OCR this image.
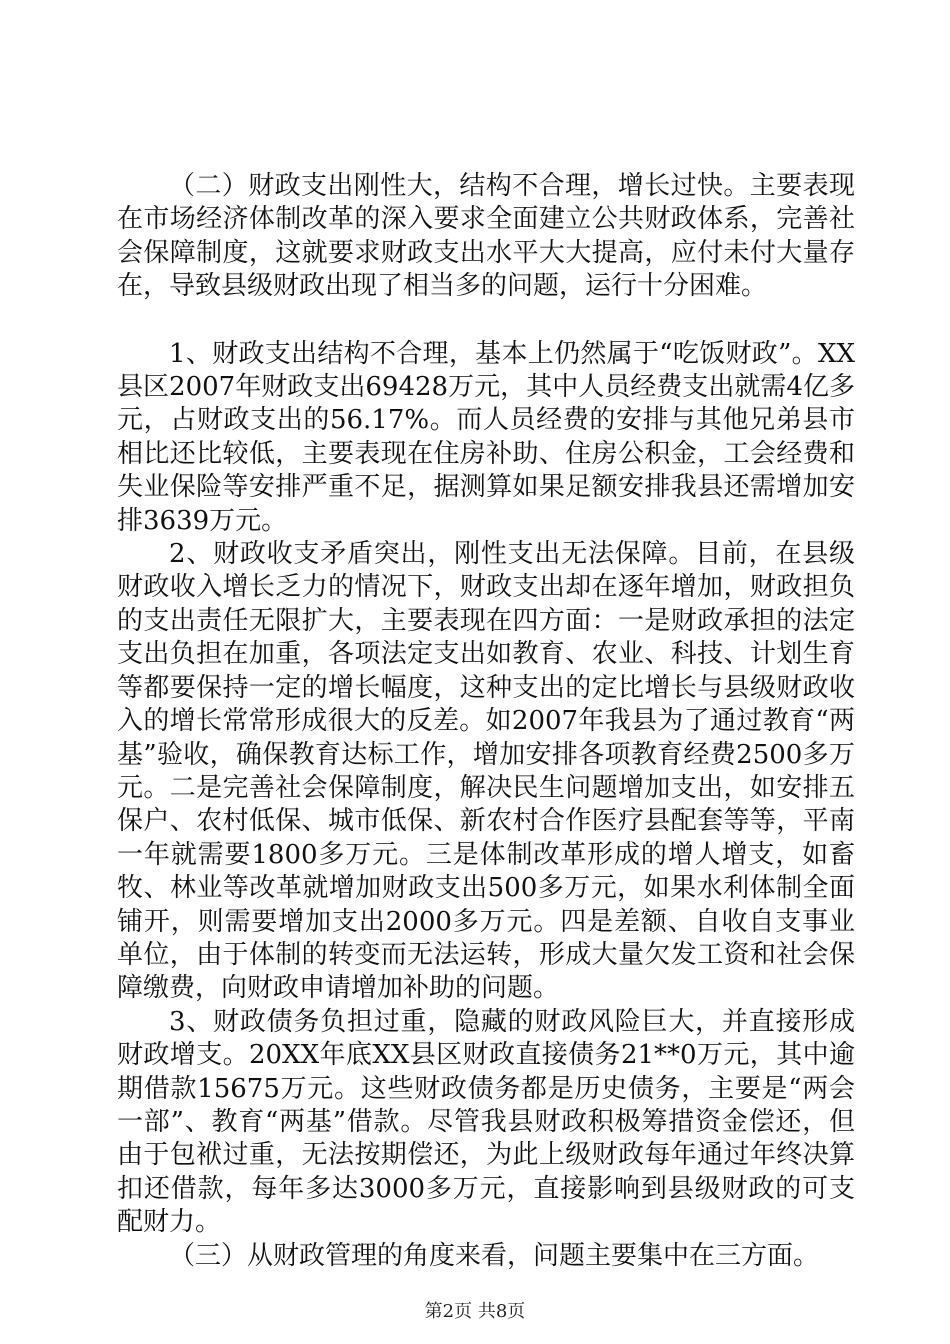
（二）财政支出刚性大，结构不合理，增长过快。主要表现在市场经济体制改革的深入要求全面建立公共财政体系，完善社会保障制度，这就要求财政支出水平大大提高，应付未付大量存在，导致县级财政出现了相当多的问题，运行十分困难。

1、财政支出结构不合理，基本上仍然属于“吃饭财政”。XX县区2007年财政支出69428万元，其中人员经费支出就需4亿多元，占财政支出的56.17%。而人员经费的安排与其他兄弟县市相比还比较低，主要表现在住房补助、住房公积金，工会经费和失业保险等安排严重不足，据测算如果足额安排我县还需增加安排3639万元。

2、财政收支矛盾突出，刚性支出无法保障。目前，在县级财政收入增长乏力的情况下，财政支出却在逐年增加，财政担负的支出责任无限扩大，主要表现在四方面：一是财政承担的法定支出负担在加重，各项法定支出如教育、农业、科技、计划生育等都要保持一定的增长幅度，这种支出的定比增长与县级财政收入的增长常常形成很大的反差。如2007年我县为了通过教育“两基”验收，确保教育达标工作，增加安排各项教育经费2500多万元。二是完善社会保障制度，解决民生问题增加支出，如安排五保户、农村低保、城市低保、新农村合作医疗县配套等等，平南一年就需要1800多万元。三是体制改革形成的增人增支，如畜牧、林业等改革就增加财政支出500多万元，如果水利体制全面铺开，则需要增加支出2000多万元。四是差额、自收自支事业单位，由于体制的转变而无法运转，形成大量欠发工资和社会保障缴费，向财政申请增加补助的问题。

3、财政债务负担过重，隐藏的财政风险巨大，并直接形成财政增支。20XX年底XX县区财政直接债务21**0万元，其中逾期借款15675万元。这些财政债务都是历史债务，主要是“两会一部”、教育“两基”借款。尽管我县财政积极筹措资金偿还，但由于包袱过重，无法按期偿还，为此上级财政每年通过年终决算扣还借款，每年多达3000多万元，直接影响到县级财政的可支配财力。

（三）从财政管理的角度来看，问题主要集中在三方面。

第2页 共8页
